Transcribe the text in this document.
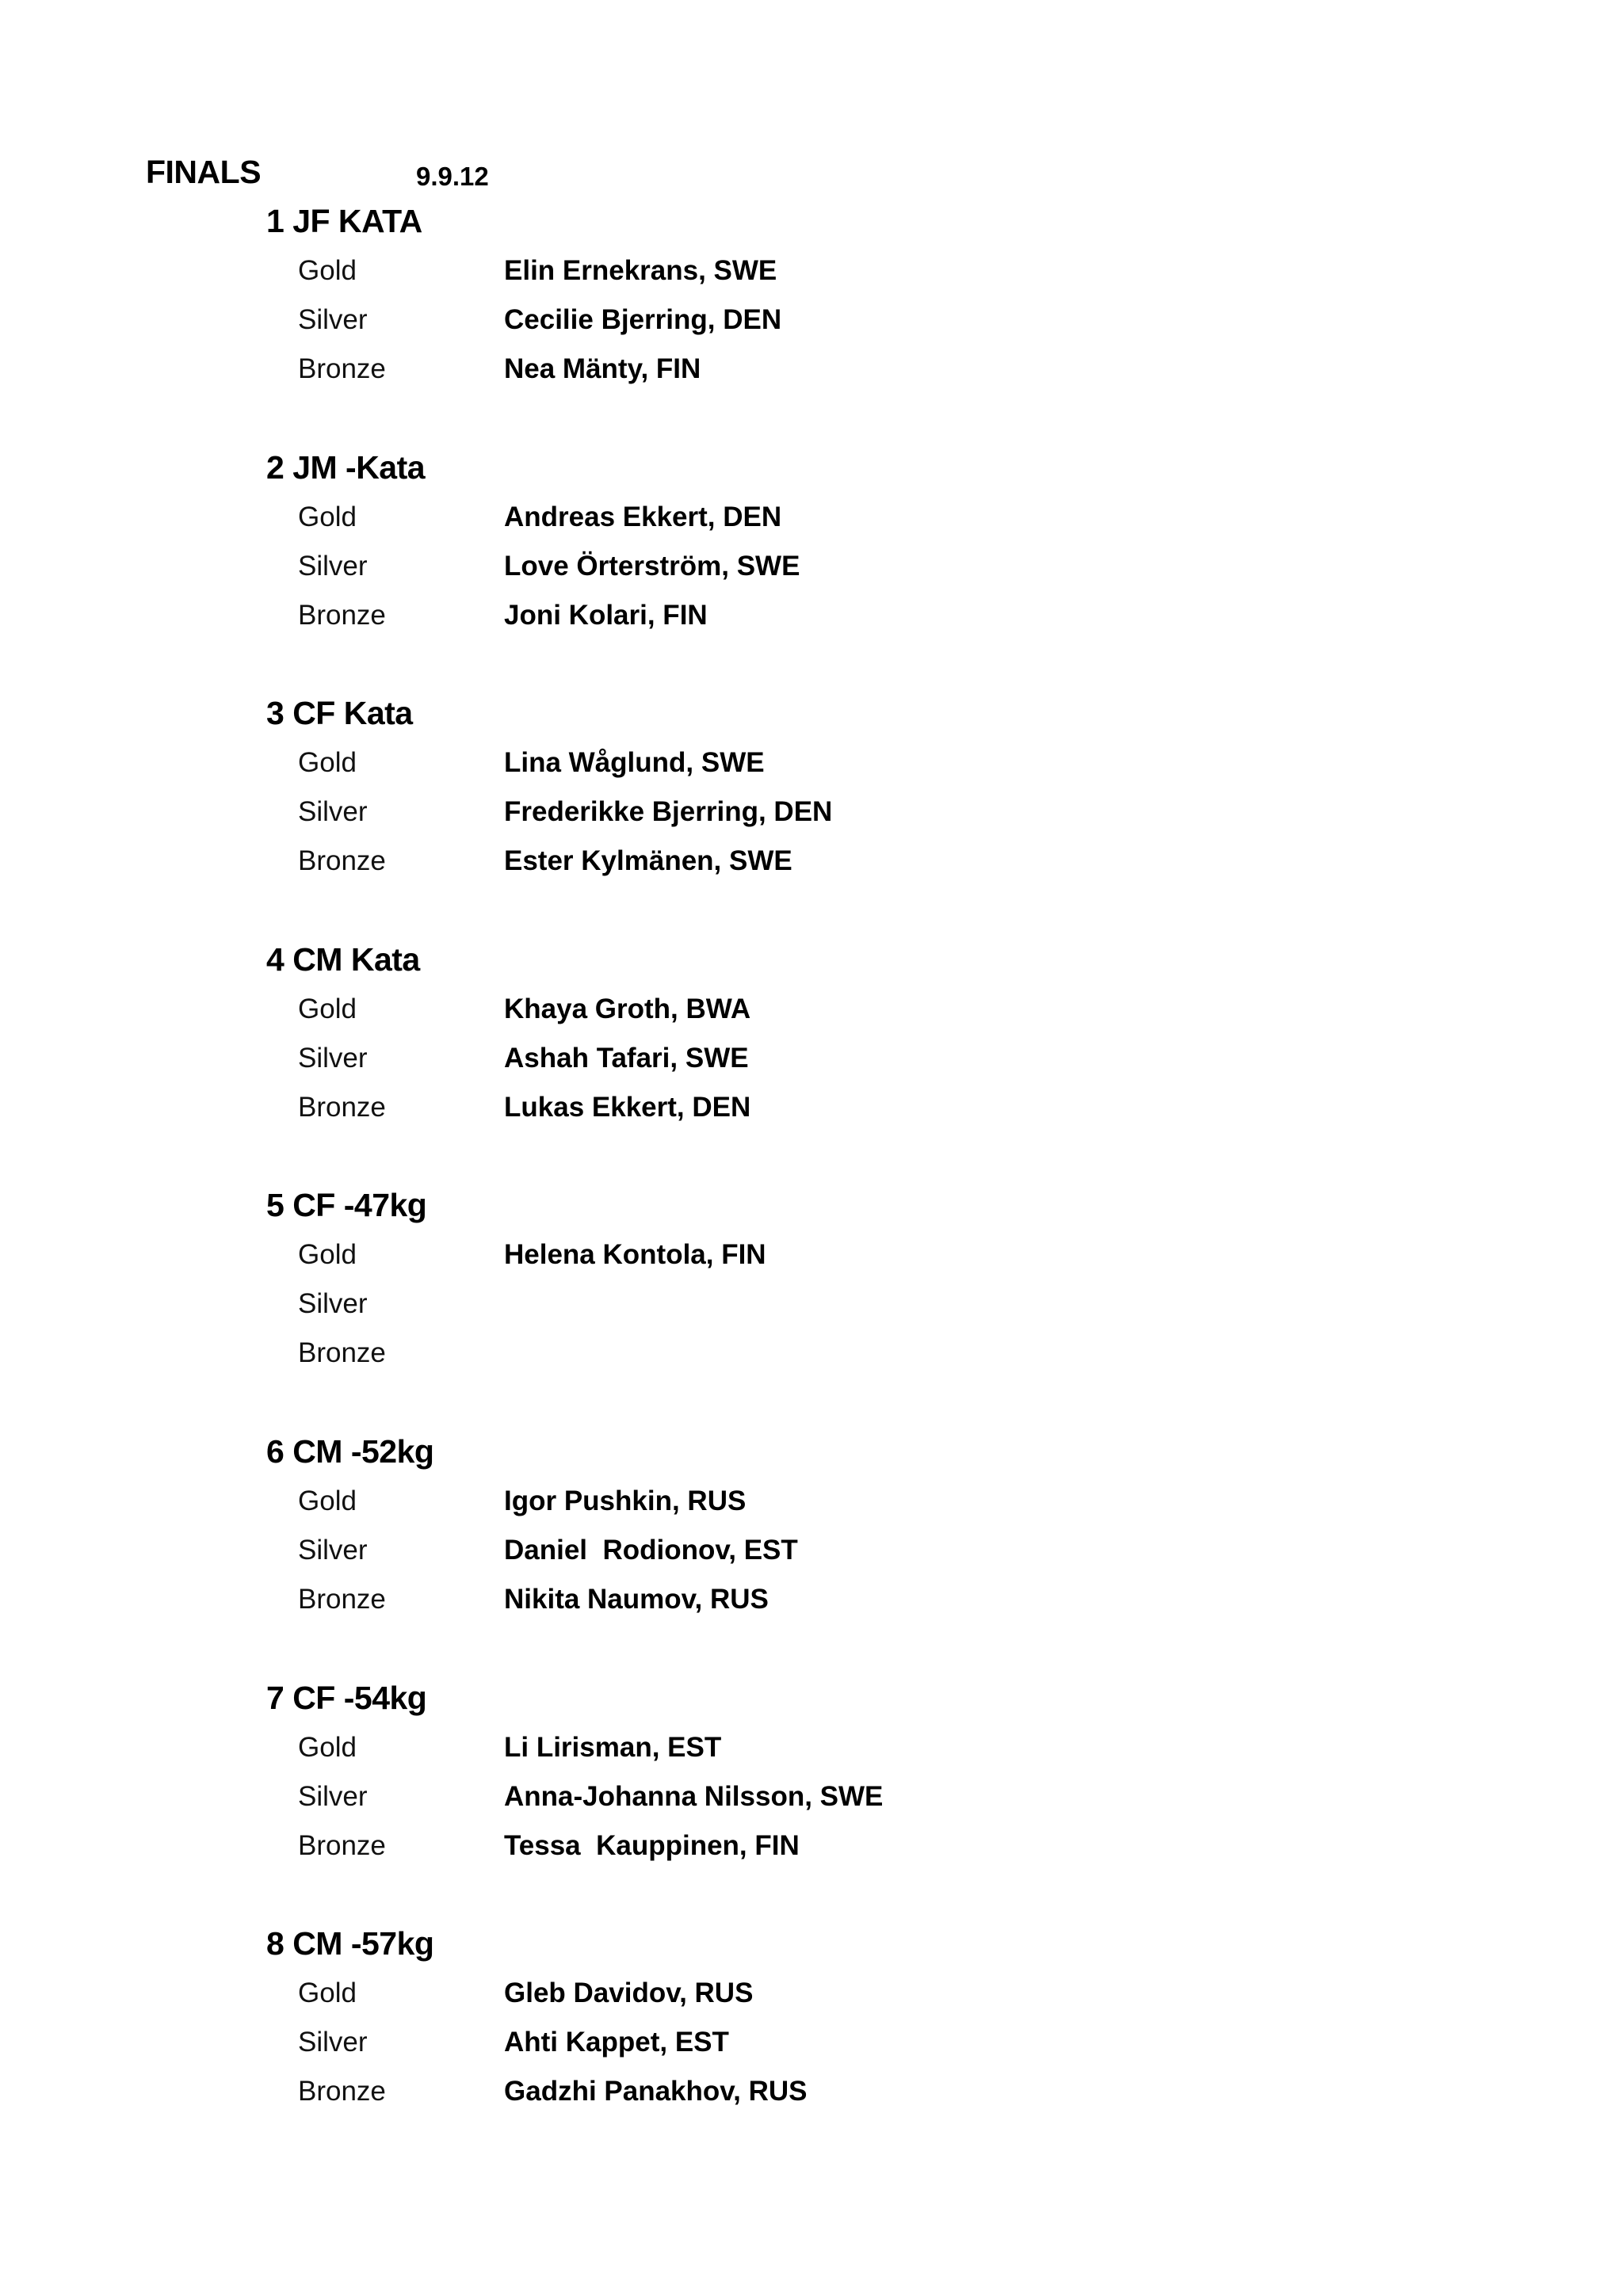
FINALS	9.9.12
1 JF KATA
Gold	Elin Ernekrans, SWE
Silver	Cecilie Bjerring, DEN
Bronze	Nea Mänty, FIN
2 JM -Kata
Gold	Andreas Ekkert, DEN
Silver	Love Örterström, SWE
Bronze	Joni Kolari, FIN
3 CF Kata
Gold	Lina Wåglund, SWE
Silver	Frederikke Bjerring, DEN
Bronze	Ester Kylmänen, SWE
4 CM Kata
Gold	Khaya Groth, BWA
Silver	Ashah Tafari, SWE
Bronze	Lukas Ekkert, DEN
5 CF -47kg
Gold	Helena Kontola, FIN
Silver
Bronze
6 CM -52kg
Gold	Igor Pushkin, RUS
Silver	Daniel  Rodionov, EST
Bronze	Nikita Naumov, RUS
7 CF -54kg
Gold	Li Lirisman, EST
Silver	Anna-Johanna Nilsson, SWE
Bronze	Tessa  Kauppinen, FIN
8 CM -57kg
Gold	Gleb Davidov, RUS
Silver	Ahti Kappet, EST
Bronze	Gadzhi Panakhov, RUS
